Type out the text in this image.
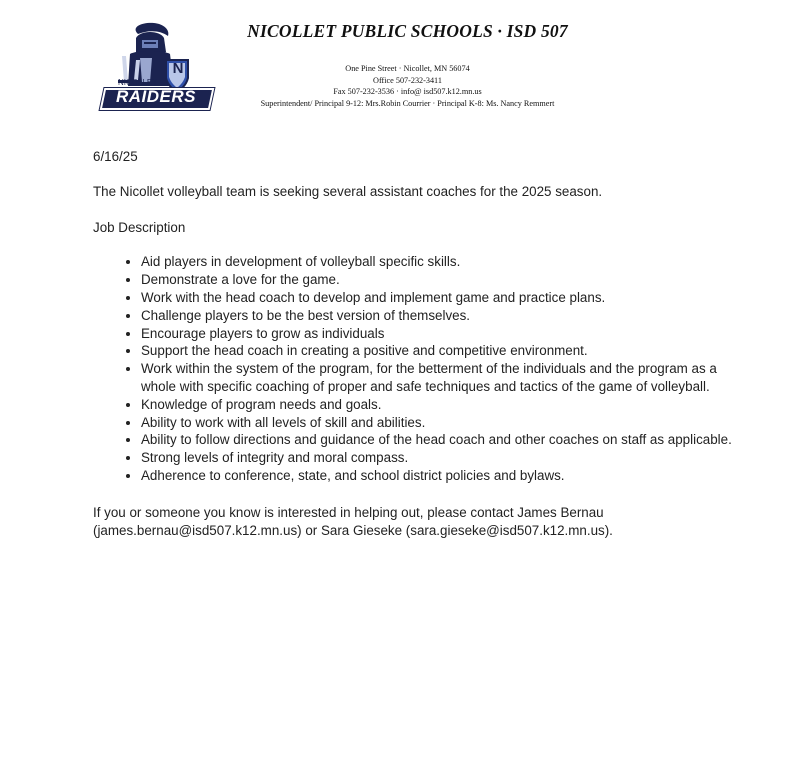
NICOLLET
N
RAIDERS
NICOLLET PUBLIC SCHOOLS · ISD 507
One Pine Street · Nicollet, MN 56074
Office 507-232-3411
Fax 507-232-3536 · info@ isd507.k12.mn.us
Superintendent/ Principal 9-12: Mrs.Robin Courrier · Principal K-8: Ms. Nancy Remmert

6/16/25

The Nicollet volleyball team is seeking several assistant coaches for the 2025 season.

Job Description

• Aid players in development of volleyball specific skills.
• Demonstrate a love for the game.
• Work with the head coach to develop and implement game and practice plans.
• Challenge players to be the best version of themselves.
• Encourage players to grow as individuals
• Support the head coach in creating a positive and competitive environment.
• Work within the system of the program, for the betterment of the individuals and the program as a whole with specific coaching of proper and safe techniques and tactics of the game of volleyball.
• Knowledge of program needs and goals.
• Ability to work with all levels of skill and abilities.
• Ability to follow directions and guidance of the head coach and other coaches on staff as applicable.
• Strong levels of integrity and moral compass.
• Adherence to conference, state, and school district policies and bylaws.

If you or someone you know is interested in helping out, please contact James Bernau (james.bernau@isd507.k12.mn.us) or Sara Gieseke (sara.gieseke@isd507.k12.mn.us).
